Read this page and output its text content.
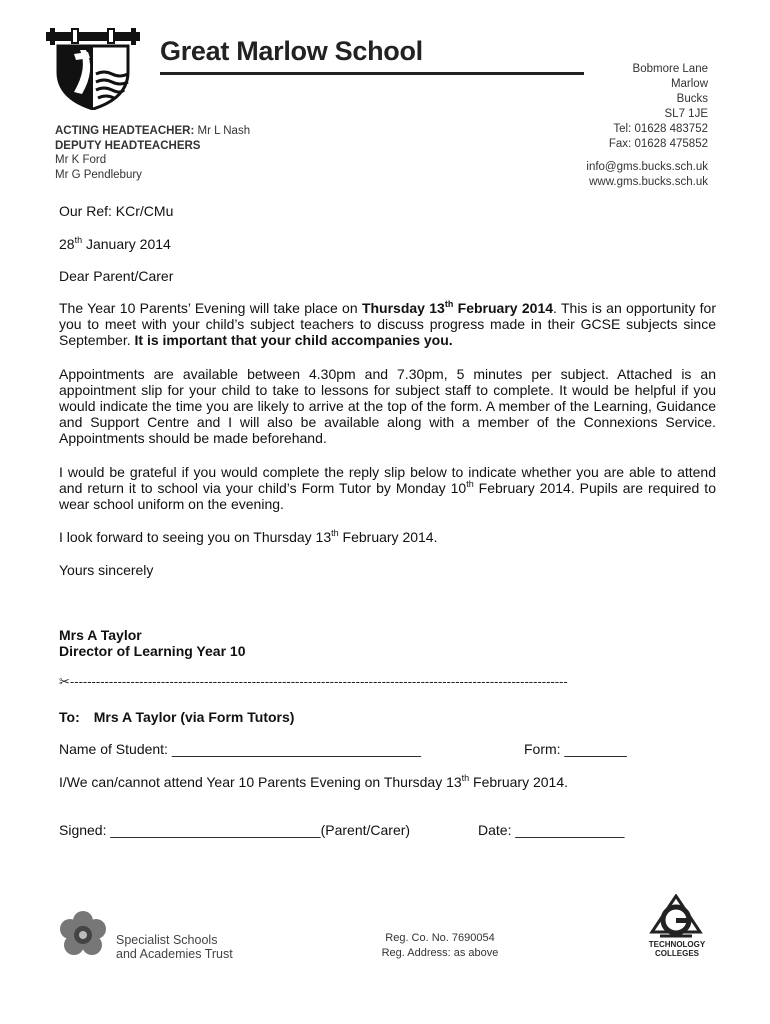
Great Marlow School
Bobmore Lane
Marlow
Bucks
SL7 1JE
Tel: 01628 483752
Fax: 01628 475852
info@gms.bucks.sch.uk
www.gms.bucks.sch.uk
ACTING HEADTEACHER: Mr L Nash
DEPUTY HEADTEACHERS
Mr K Ford
Mr G Pendlebury
Our Ref: KCr/CMu
28th January 2014
Dear Parent/Carer
The Year 10 Parents’ Evening will take place on Thursday 13th February 2014. This is an opportunity for you to meet with your child’s subject teachers to discuss progress made in their GCSE subjects since September. It is important that your child accompanies you.
Appointments are available between 4.30pm and 7.30pm, 5 minutes per subject. Attached is an appointment slip for your child to take to lessons for subject staff to complete. It would be helpful if you would indicate the time you are likely to arrive at the top of the form. A member of the Learning, Guidance and Support Centre and I will also be available along with a member of the Connexions Service. Appointments should be made beforehand.
I would be grateful if you would complete the reply slip below to indicate whether you are able to attend and return it to school via your child’s Form Tutor by Monday 10th February 2014. Pupils are required to wear school uniform on the evening.
I look forward to seeing you on Thursday 13th February 2014.
Yours sincerely
Mrs A Taylor
Director of Learning Year 10
✂-------------------------------------------------------------------------------------------------------------------
To: Mrs A Taylor (via Form Tutors)
Name of Student: ________________________________	Form: ________
I/We can/cannot attend Year 10 Parents Evening on Thursday 13th February 2014.
Signed: ___________________________(Parent/Carer)	Date: ______________
Specialist Schools
and Academies Trust
Reg. Co. No. 7690054
Reg. Address: as above
TECHNOLOGY
COLLEGES
